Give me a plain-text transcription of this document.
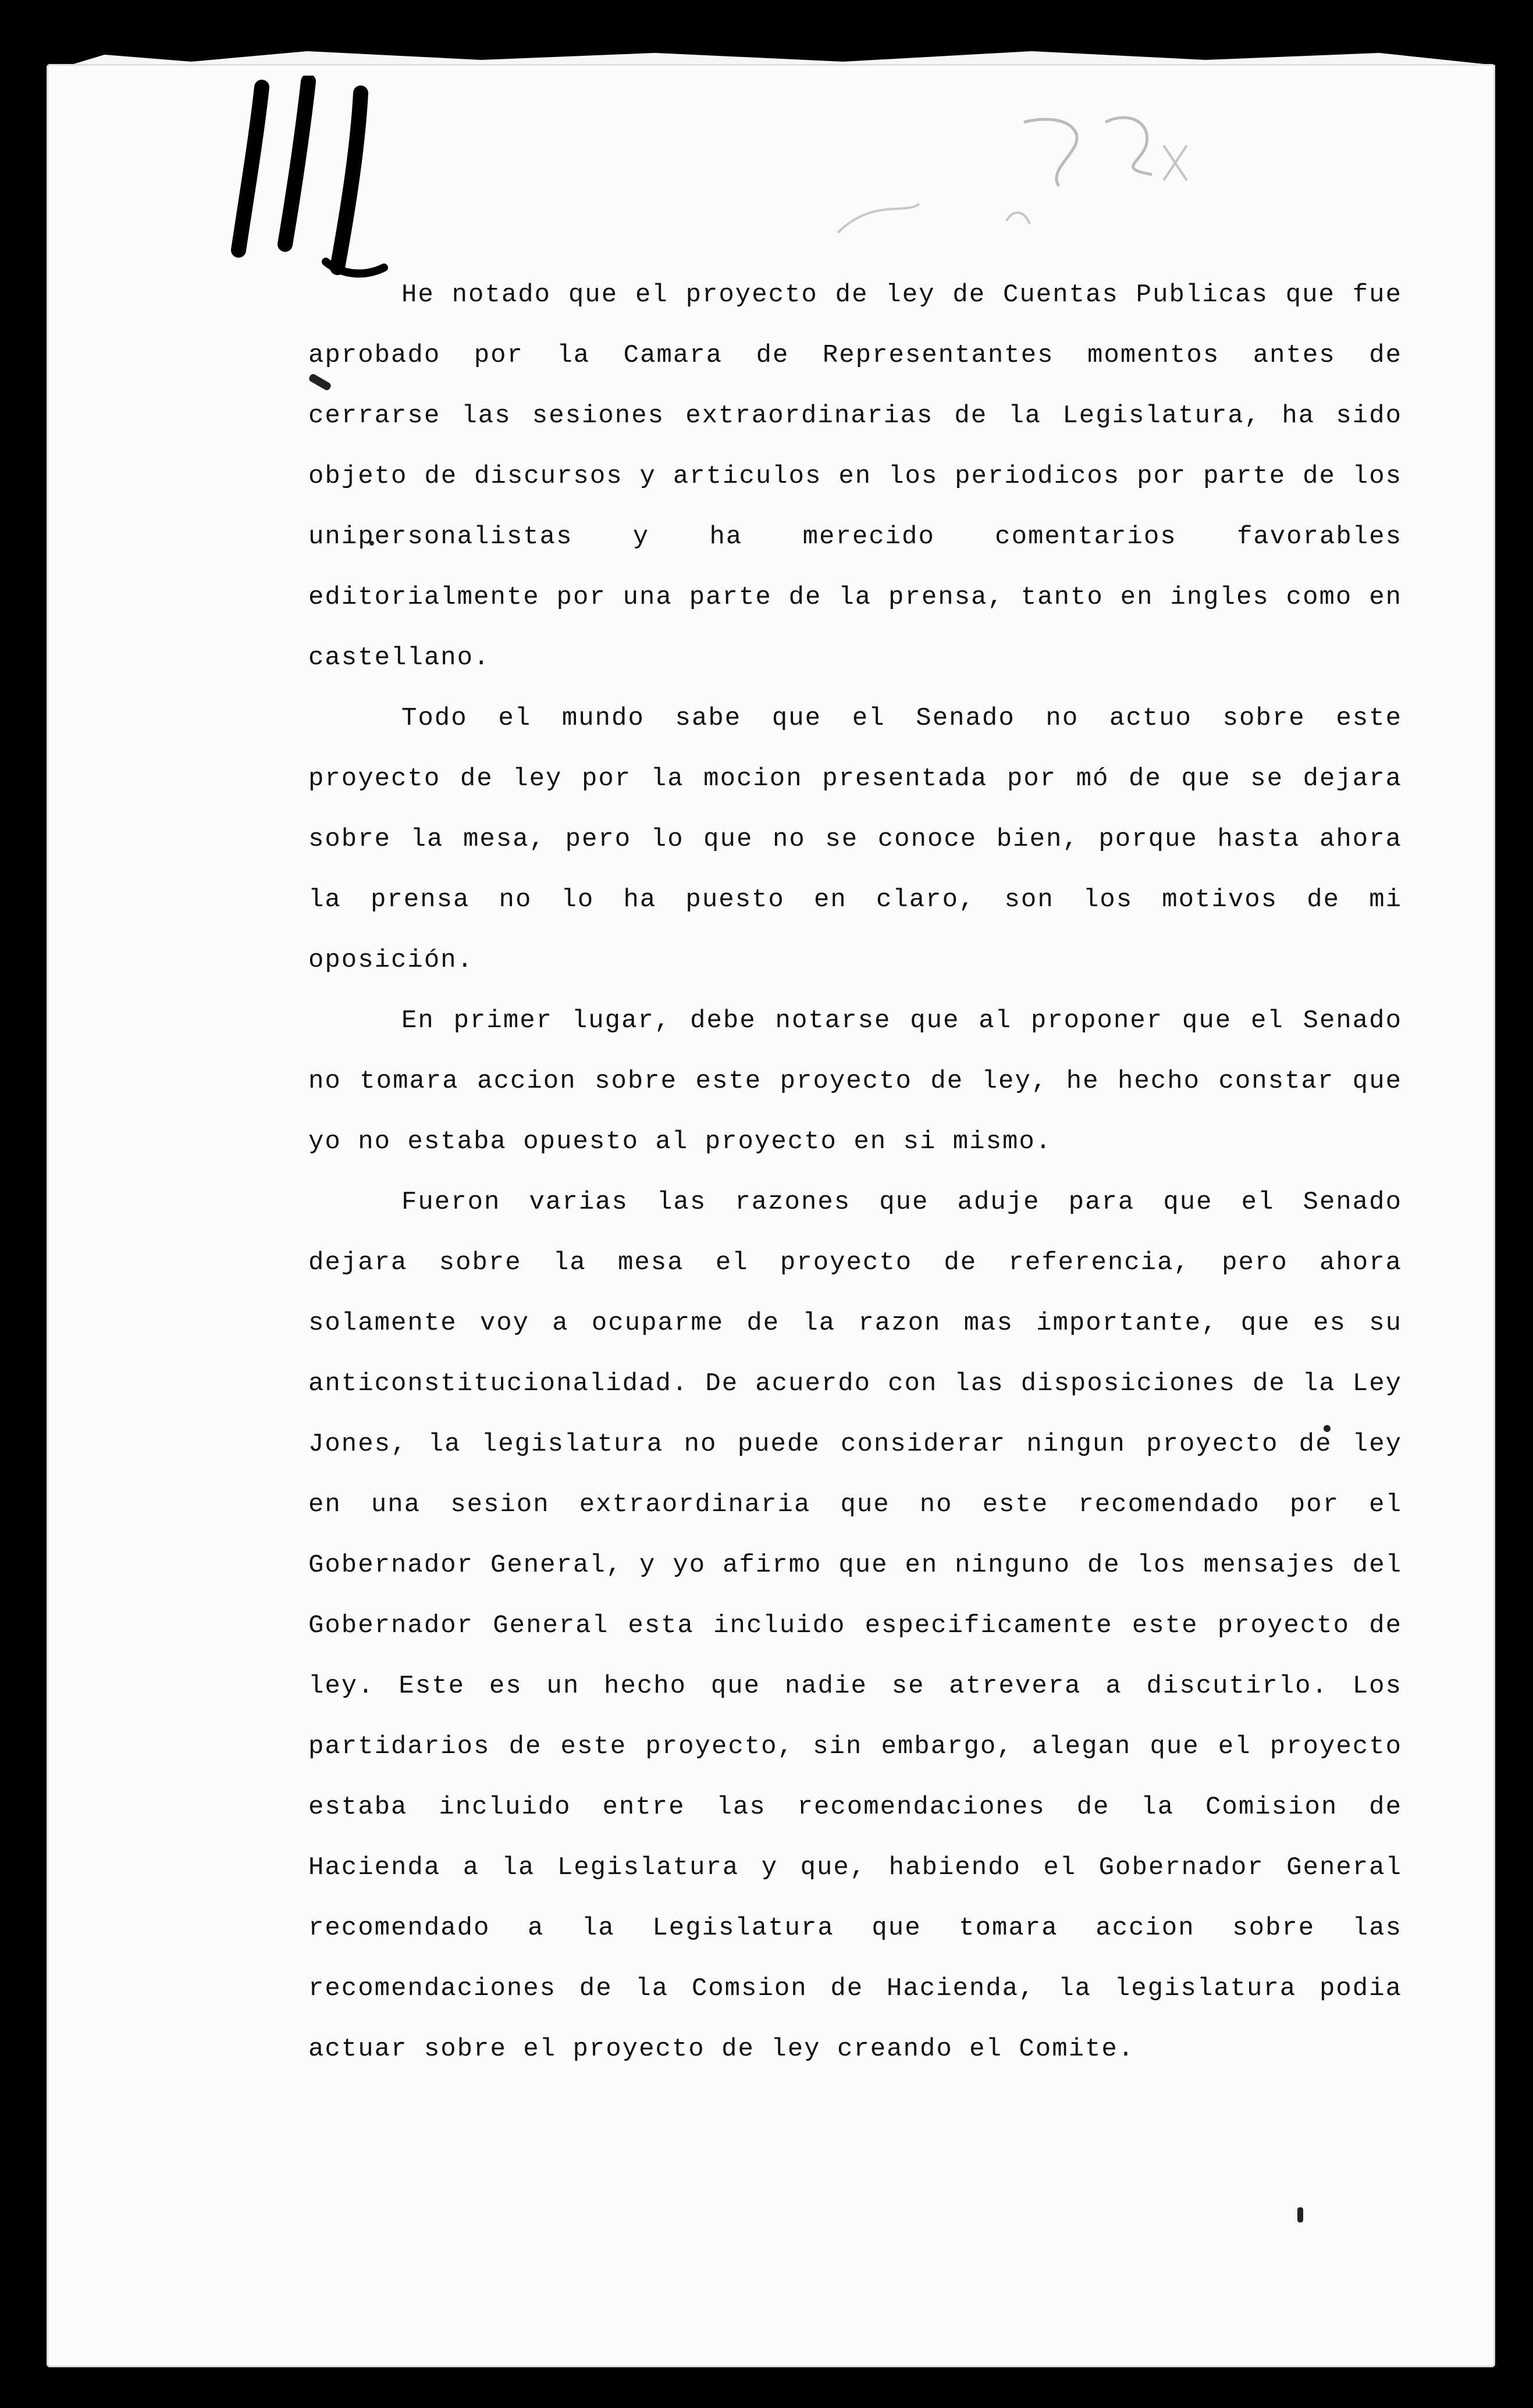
He notado que el proyecto de ley de Cuentas Publicas que fue aprobado por la Camara de Representantes momentos antes de cerrarse las sesiones extraordinarias de la Legislatura, ha sido objeto de discursos y articulos en los periodicos por parte de los unipersonalistas y ha merecido comentarios favorables editorialmente por una parte de la prensa, tanto en ingles como en castellano.

Todo el mundo sabe que el Senado no actuo sobre este proyecto de ley por la mocion presentada por mó de que se dejara sobre la mesa, pero lo que no se conoce bien, porque hasta ahora la prensa no lo ha puesto en claro, son los motivos de mi oposición.

En primer lugar, debe notarse que al proponer que el Senado no tomara accion sobre este proyecto de ley, he hecho constar que yo no estaba opuesto al proyecto en si mismo.

Fueron varias las razones que aduje para que el Senado dejara sobre la mesa el proyecto de referencia, pero ahora solamente voy a ocuparme de la razon mas importante, que es su anticonstitucionalidad. De acuerdo con las disposiciones de la Ley Jones, la legislatura no puede considerar ningun proyecto de ley en una sesion extraordinaria que no este recomendado por el Gobernador General, y yo afirmo que en ninguno de los mensajes del Gobernador General esta incluido especificamente este proyecto de ley. Este es un hecho que nadie se atrevera a discutirlo. Los partidarios de este proyecto, sin embargo, alegan que el proyecto estaba incluido entre las recomendaciones de la Comision de Hacienda a la Legislatura y que, habiendo el Gobernador General recomendado a la Legislatura que tomara accion sobre las recomendaciones de la Comsion de Hacienda, la legislatura podia actuar sobre el proyecto de ley creando el Comite.
